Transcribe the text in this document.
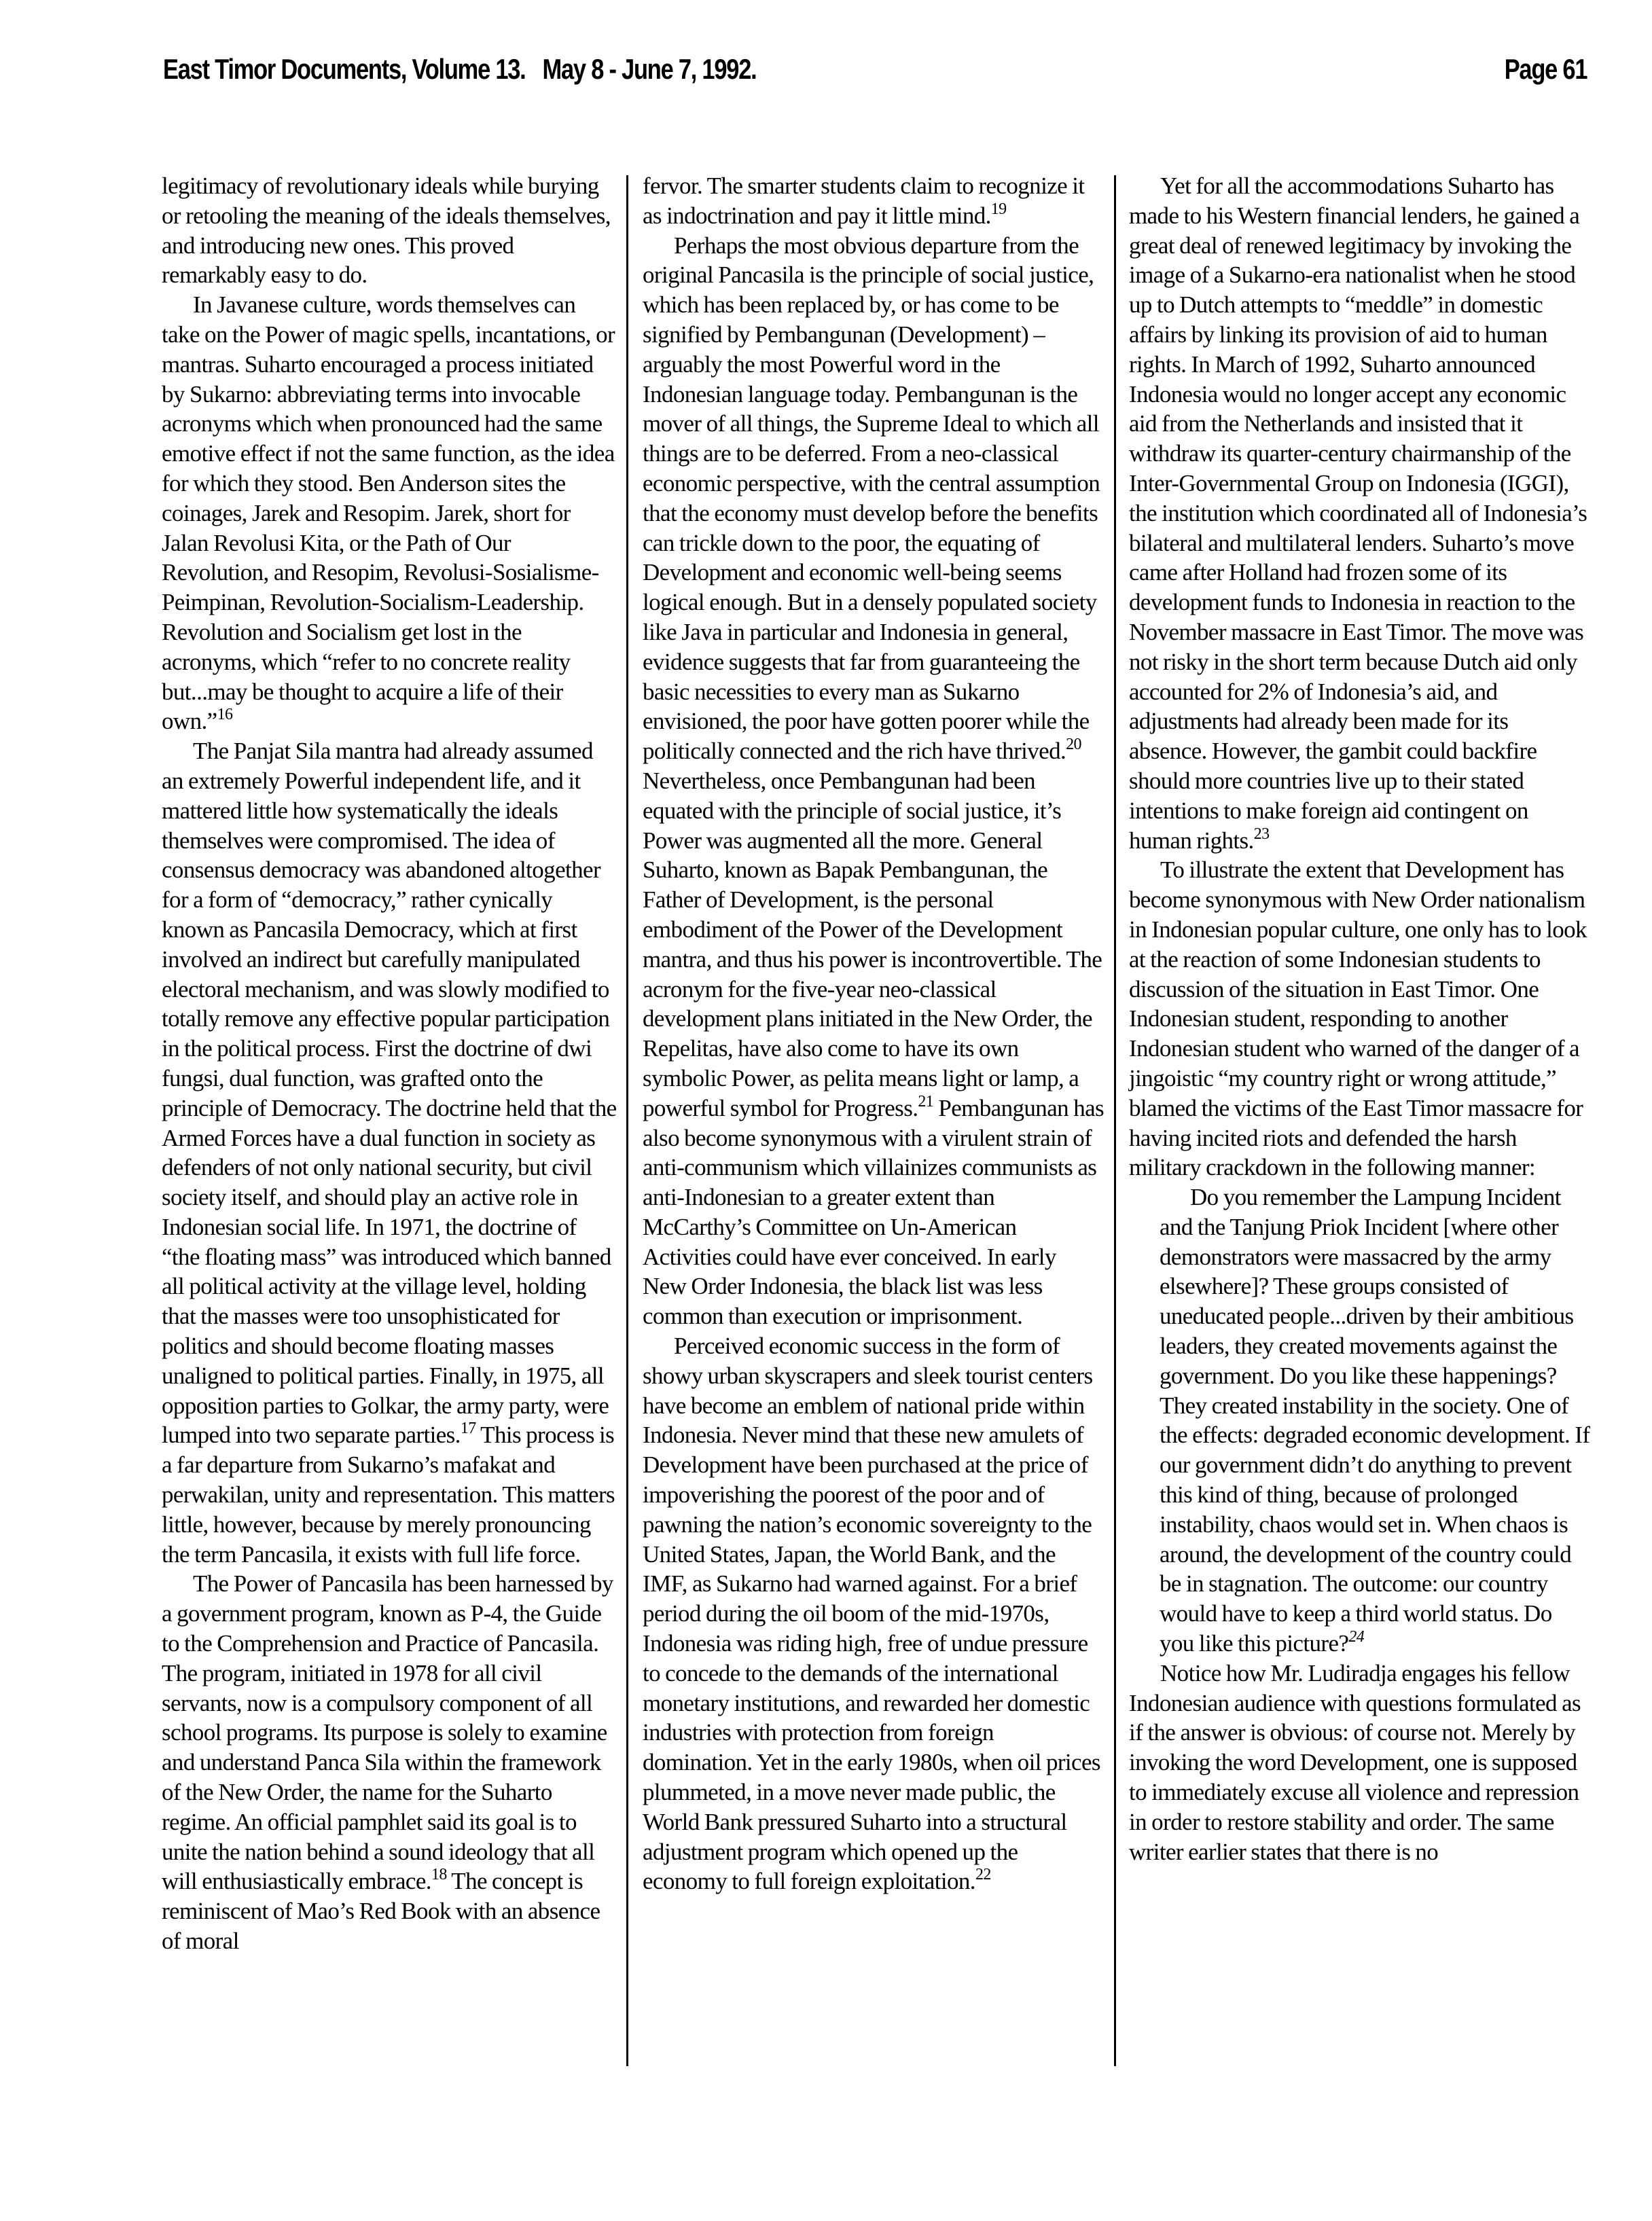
East Timor Documents, Volume 13. May 8 - June 7, 1992.	Page 61

legitimacy of revolutionary ideals while burying or retooling the meaning of the ideals themselves, and introducing new ones. This proved remarkably easy to do.

In Javanese culture, words themselves can take on the Power of magic spells, incantations, or mantras. Suharto encouraged a process initiated by Sukarno: abbreviating terms into invocable acronyms which when pronounced had the same emotive effect if not the same function, as the idea for which they stood. Ben Anderson sites the coinages, Jarek and Resopim. Jarek, short for Jalan Revolusi Kita, or the Path of Our Revolution, and Resopim, Revolusi-Sosialisme-Peimpinan, Revolution-Socialism-Leadership. Revolution and Socialism get lost in the acronyms, which “refer to no concrete reality but...may be thought to acquire a life of their own.”$^{16}$

The Panjat Sila mantra had already assumed an extremely Powerful independent life, and it mattered little how systematically the ideals themselves were compromised. The idea of consensus democracy was abandoned altogether for a form of “democracy,” rather cynically known as Pancasila Democracy, which at first involved an indirect but carefully manipulated electoral mechanism, and was slowly modified to totally remove any effective popular participation in the political process. First the doctrine of dwi fungsi, dual function, was grafted onto the principle of Democracy. The doctrine held that the Armed Forces have a dual function in society as defenders of not only national security, but civil society itself, and should play an active role in Indonesian social life. In 1971, the doctrine of “the floating mass” was introduced which banned all political activity at the village level, holding that the masses were too unsophisticated for politics and should become floating masses unaligned to political parties. Finally, in 1975, all opposition parties to Golkar, the army party, were lumped into two separate parties.$^{17}$ This process is a far departure from Sukarno’s mafakat and perwakilan, unity and representation. This matters little, however, because by merely pronouncing the term Pancasila, it exists with full life force.

The Power of Pancasila has been harnessed by a government program, known as P-4, the Guide to the Comprehension and Practice of Pancasila. The program, initiated in 1978 for all civil servants, now is a compulsory component of all school programs. Its purpose is solely to examine and understand Panca Sila within the framework of the New Order, the name for the Suharto regime. An official pamphlet said its goal is to unite the nation behind a sound ideology that all will enthusiastically embrace.$^{18}$ The concept is reminiscent of Mao’s Red Book with an absence of moral

fervor. The smarter students claim to recognize it as indoctrination and pay it little mind.$^{19}$

Perhaps the most obvious departure from the original Pancasila is the principle of social justice, which has been replaced by, or has come to be signified by Pembangunan (Development) – arguably the most Powerful word in the Indonesian language today. Pembangunan is the mover of all things, the Supreme Ideal to which all things are to be deferred. From a neo-classical economic perspective, with the central assumption that the economy must develop before the benefits can trickle down to the poor, the equating of Development and economic well-being seems logical enough. But in a densely populated society like Java in particular and Indonesia in general, evidence suggests that far from guaranteeing the basic necessities to every man as Sukarno envisioned, the poor have gotten poorer while the politically connected and the rich have thrived.$^{20}$ Nevertheless, once Pembangunan had been equated with the principle of social justice, it’s Power was augmented all the more. General Suharto, known as Bapak Pembangunan, the Father of Development, is the personal embodiment of the Power of the Development mantra, and thus his power is incontrovertible. The acronym for the five-year neo-classical development plans initiated in the New Order, the Repelitas, have also come to have its own symbolic Power, as pelita means light or lamp, a powerful symbol for Progress.$^{21}$ Pembangunan has also become synonymous with a virulent strain of anti-communism which villainizes communists as anti-Indonesian to a greater extent than McCarthy’s Committee on Un-American Activities could have ever conceived. In early New Order Indonesia, the black list was less common than execution or imprisonment.

Perceived economic success in the form of showy urban skyscrapers and sleek tourist centers have become an emblem of national pride within Indonesia. Never mind that these new amulets of Development have been purchased at the price of impoverishing the poorest of the poor and of pawning the nation’s economic sovereignty to the United States, Japan, the World Bank, and the IMF, as Sukarno had warned against. For a brief period during the oil boom of the mid-1970s, Indonesia was riding high, free of undue pressure to concede to the demands of the international monetary institutions, and rewarded her domestic industries with protection from foreign domination. Yet in the early 1980s, when oil prices plummeted, in a move never made public, the World Bank pressured Suharto into a structural adjustment program which opened up the economy to full foreign exploitation.$^{22}$

Yet for all the accommodations Suharto has made to his Western financial lenders, he gained a great deal of renewed legitimacy by invoking the image of a Sukarno-era nationalist when he stood up to Dutch attempts to “meddle” in domestic affairs by linking its provision of aid to human rights. In March of 1992, Suharto announced Indonesia would no longer accept any economic aid from the Netherlands and insisted that it withdraw its quarter-century chairmanship of the Inter-Governmental Group on Indonesia (IGGI), the institution which coordinated all of Indonesia’s bilateral and multilateral lenders. Suharto’s move came after Holland had frozen some of its development funds to Indonesia in reaction to the November massacre in East Timor. The move was not risky in the short term because Dutch aid only accounted for 2% of Indonesia’s aid, and adjustments had already been made for its absence. However, the gambit could backfire should more countries live up to their stated intentions to make foreign aid contingent on human rights.$^{23}$

To illustrate the extent that Development has become synonymous with New Order nationalism in Indonesian popular culture, one only has to look at the reaction of some Indonesian students to discussion of the situation in East Timor. One Indonesian student, responding to another Indonesian student who warned of the danger of a jingoistic “my country right or wrong attitude,” blamed the victims of the East Timor massacre for having incited riots and defended the harsh military crackdown in the following manner:

Do you remember the Lampung Incident and the Tanjung Priok Incident [where other demonstrators were massacred by the army elsewhere]? These groups consisted of uneducated people...driven by their ambitious leaders, they created movements against the government. Do you like these happenings? They created instability in the society. One of the effects: degraded economic development. If our government didn’t do anything to prevent this kind of thing, because of prolonged instability, chaos would set in. When chaos is around, the development of the country could be in stagnation. The outcome: our country would have to keep a third world status. Do you like this picture?$^{24}$

Notice how Mr. Ludiradja engages his fellow Indonesian audience with questions formulated as if the answer is obvious: of course not. Merely by invoking the word Development, one is supposed to immediately excuse all violence and repression in order to restore stability and order. The same writer earlier states that there is no
